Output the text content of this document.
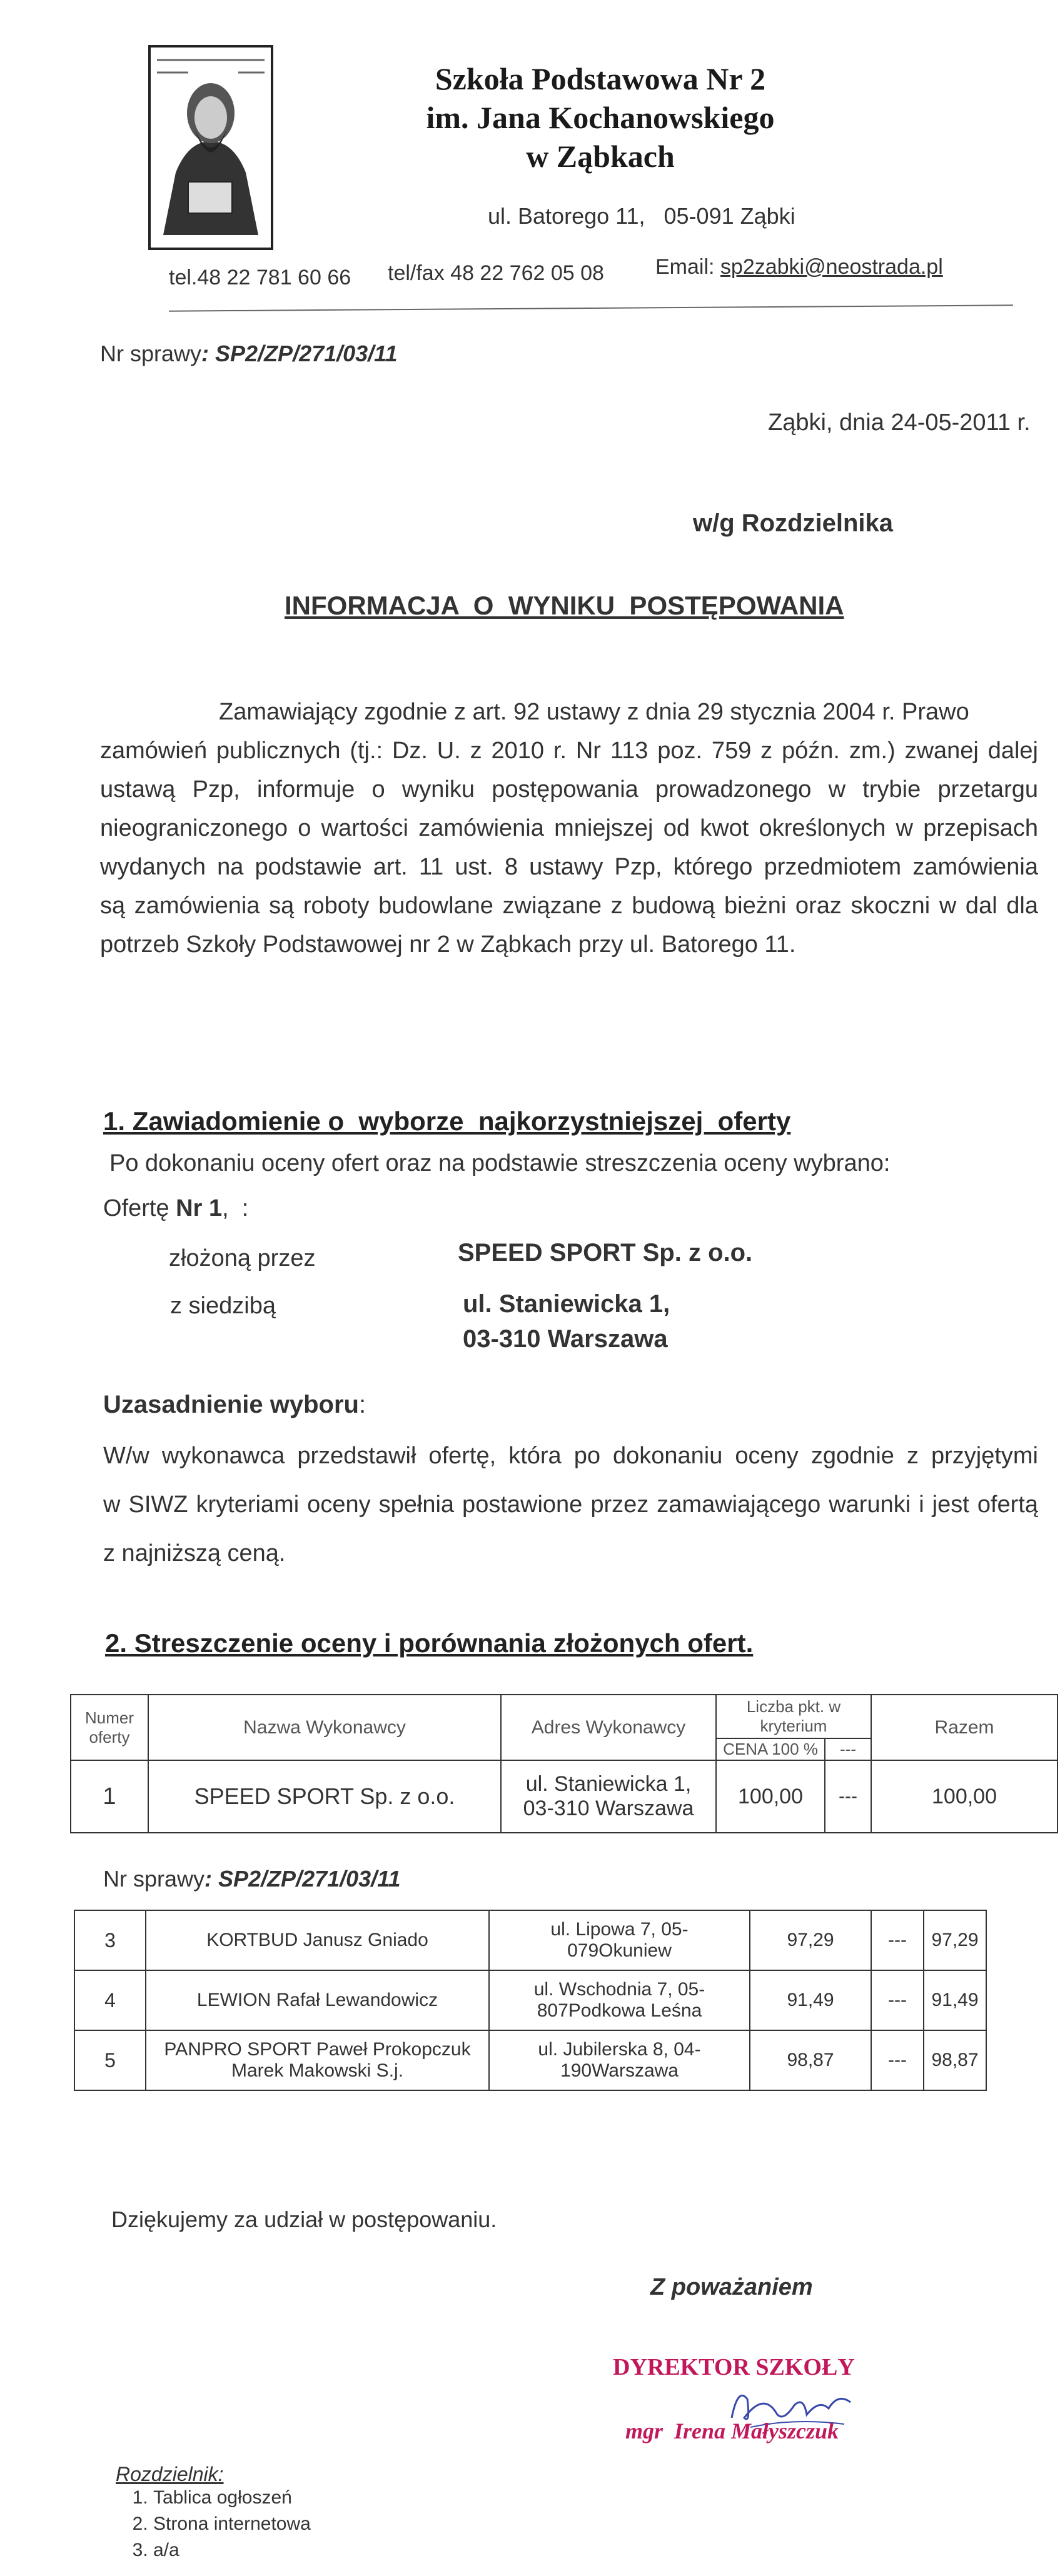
Szkoła Podstawowa Nr 2
im. Jana Kochanowskiego
w Ząbkach
ul. Batorego 11,   05-091 Ząbki
tel.48 22 781 60 66 tel/fax 48 22 762 05 08 Email: sp2zabki@neostrada.pl
Nr sprawy: SP2/ZP/271/03/11
Ząbki, dnia 24-05-2011 r.
w/g Rozdzielnika
INFORMACJA  O  WYNIKU  POSTĘPOWANIA
Zamawiający zgodnie z art. 92 ustawy z dnia 29 stycznia 2004 r. Prawo
zamówień publicznych (tj.: Dz. U. z 2010 r. Nr 113 poz. 759 z późn. zm.) zwanej dalej
ustawą Pzp, informuje o wyniku postępowania prowadzonego w trybie przetargu
nieograniczonego o wartości zamówienia mniejszej od kwot określonych w przepisach
wydanych na podstawie art. 11 ust. 8 ustawy Pzp, którego przedmiotem zamówienia
są zamówienia są roboty budowlane związane z budową bieżni oraz skoczni w dal dla
potrzeb Szkoły Podstawowej nr 2 w Ząbkach przy ul. Batorego 11.
1. Zawiadomienie o  wyborze  najkorzystniejszej  oferty
Po dokonaniu oceny ofert oraz na podstawie streszczenia oceny wybrano:
Ofertę Nr 1,  :
złożoną przez	SPEED SPORT Sp. z o.o.
z siedzibą	ul. Staniewicka 1,
03-310 Warszawa
Uzasadnienie wyboru:
W/w wykonawca przedstawił ofertę, która po dokonaniu oceny zgodnie z przyjętymi
w SIWZ kryteriami oceny spełnia postawione przez zamawiającego warunki i jest ofertą
z najniższą ceną.
2. Streszczenie oceny i porównania złożonych ofert.
Numer oferty	Nazwa Wykonawcy	Adres Wykonawcy	Liczba pkt. w kryterium		Razem
			CENA 100 %	---	
1	SPEED SPORT Sp. z o.o.	ul. Staniewicka 1, 03-310 Warszawa	100,00	---	100,00
Nr sprawy: SP2/ZP/271/03/11
3	KORTBUD Janusz Gniado	ul. Lipowa 7, 05-079Okuniew	97,29	---	97,29
4	LEWION Rafał Lewandowicz	ul. Wschodnia 7, 05-807Podkowa Leśna	91,49	---	91,49
5	PANPRO SPORT Paweł Prokopczuk Marek Makowski S.j.	ul. Jubilerska 8, 04-190Warszawa	98,87	---	98,87
Dziękujemy za udział w postępowaniu.
Z poważaniem
DYREKTOR SZKOŁY
mgr  Irena Małyszczuk
Rozdzielnik:
1. Tablica ogłoszeń
2. Strona internetowa
3. a/a
